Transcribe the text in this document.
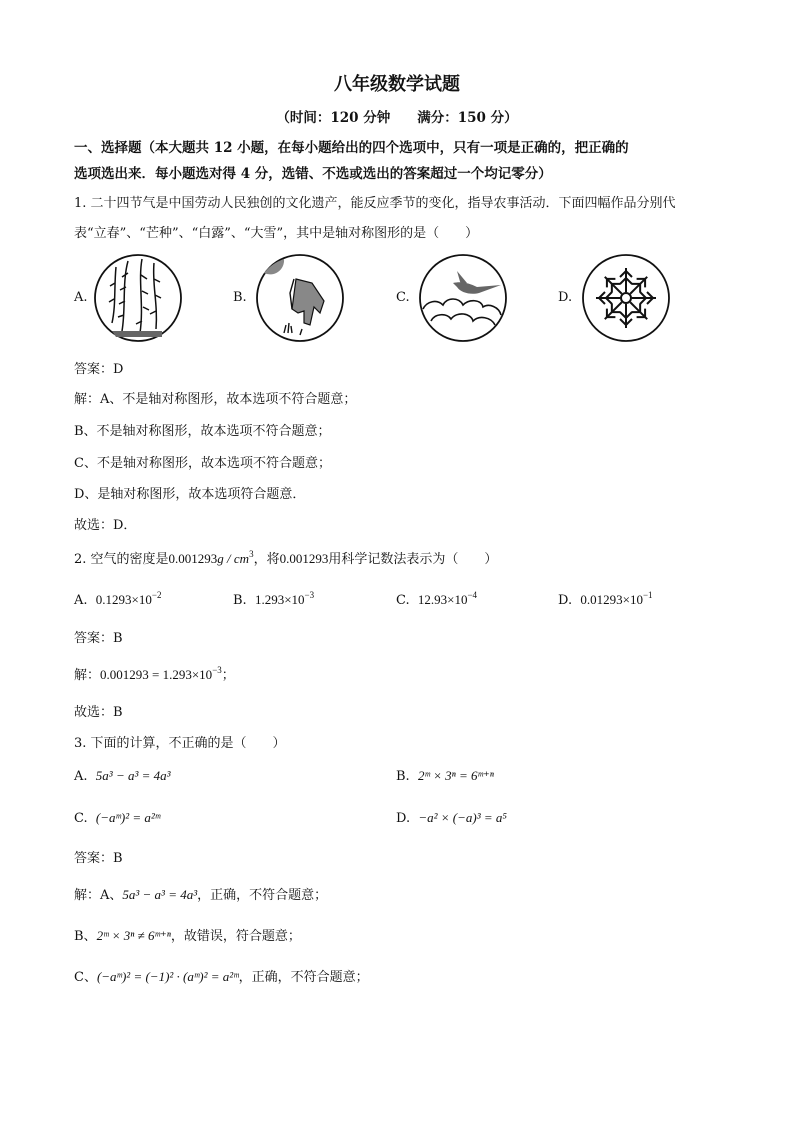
八年级数学试题
（时间：120 分钟　　满分：150 分）
一、选择题（本大题共 12 小题，在每小题给出的四个选项中，只有一项是正确的，把正确的
选项选出来．每小题选对得 4 分，选错、不选或选出的答案超过一个均记零分）
1. 二十四节气是中国劳动人民独创的文化遗产，能反应季节的变化，指导农事活动．下面四幅作品分别代
表“立春”、“芒种”、“白露”、“大雪”，其中是轴对称图形的是（　　）
A.	B.	C.	D.
答案：D
解：A、不是轴对称图形，故本选项不符合题意；
B、不是轴对称图形，故本选项不符合题意；
C、不是轴对称图形，故本选项不符合题意；
D、是轴对称图形，故本选项符合题意．
故选：D．
2. 空气的密度是$0.001293g / cm^3$，将0.001293用科学记数法表示为（　　）
A. $0.1293\times 10^{-2}$	B. $1.293\times 10^{-3}$	C. $12.93\times 10^{-4}$	D. $0.01293\times 10^{-1}$
答案：B
解：$0.001293 = 1.293\times 10^{-3}$；
故选：B
3. 下面的计算，不正确的是（　　）
A. 5a³ − a³ = 4a³	B. 2ᵐ × 3ⁿ = 6ᵐ⁺ⁿ
C. (−aᵐ)² = a²ᵐ	D. −a² × (−a)³ = a⁵
答案：B
解：A、5a³ − a³ = 4a³，正确，不符合题意；
B、2ᵐ × 3ⁿ ≠ 6ᵐ⁺ⁿ，故错误，符合题意；
C、(−aᵐ)² = (−1)² · (aᵐ)² = a²ᵐ，正确，不符合题意；
